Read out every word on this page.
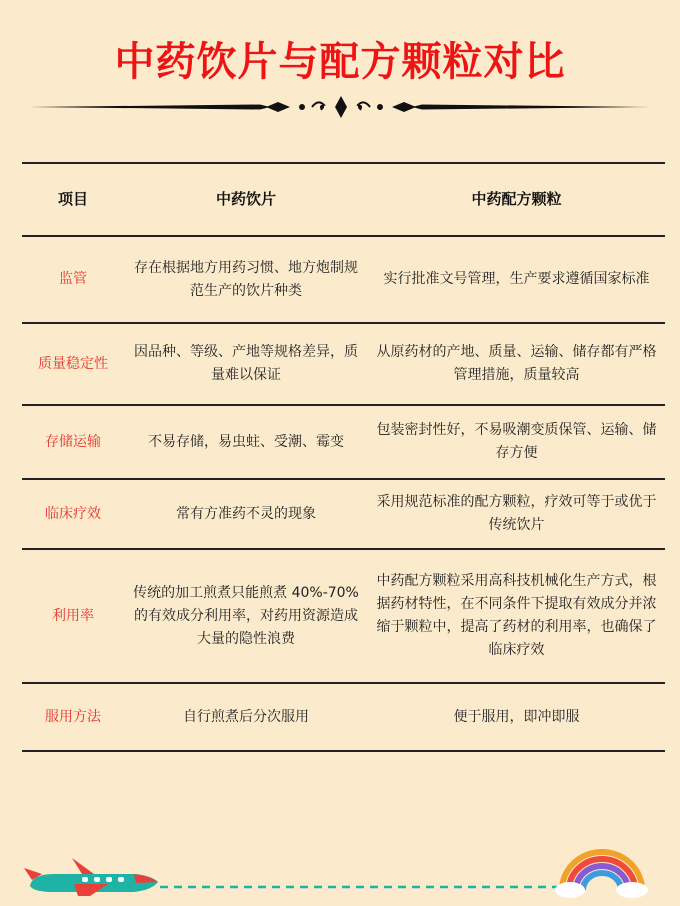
中药饮片与配方颗粒对比
项目	中药饮片	中药配方颗粒
监管	存在根据地方用药习惯、地方炮制规范生产的饮片种类	实行批准文号管理，生产要求遵循国家标准
质量稳定性	因品种、等级、产地等规格差异，质量难以保证	从原药材的产地、质量、运输、储存都有严格管理措施，质量较高
存储运输	不易存储，易虫蛀、受潮、霉变	包装密封性好，不易吸潮变质保管、运输、储存方便
临床疗效	常有方准药不灵的现象	采用规范标准的配方颗粒，疗效可等于或优于传统饮片
利用率	传统的加工煎煮只能煎煮 40%-70%的有效成分利用率，对药用资源造成大量的隐性浪费	中药配方颗粒采用高科技机械化生产方式，根据药材特性，在不同条件下提取有效成分并浓缩于颗粒中，提高了药材的利用率，也确保了临床疗效
服用方法	自行煎煮后分次服用	便于服用，即冲即服
